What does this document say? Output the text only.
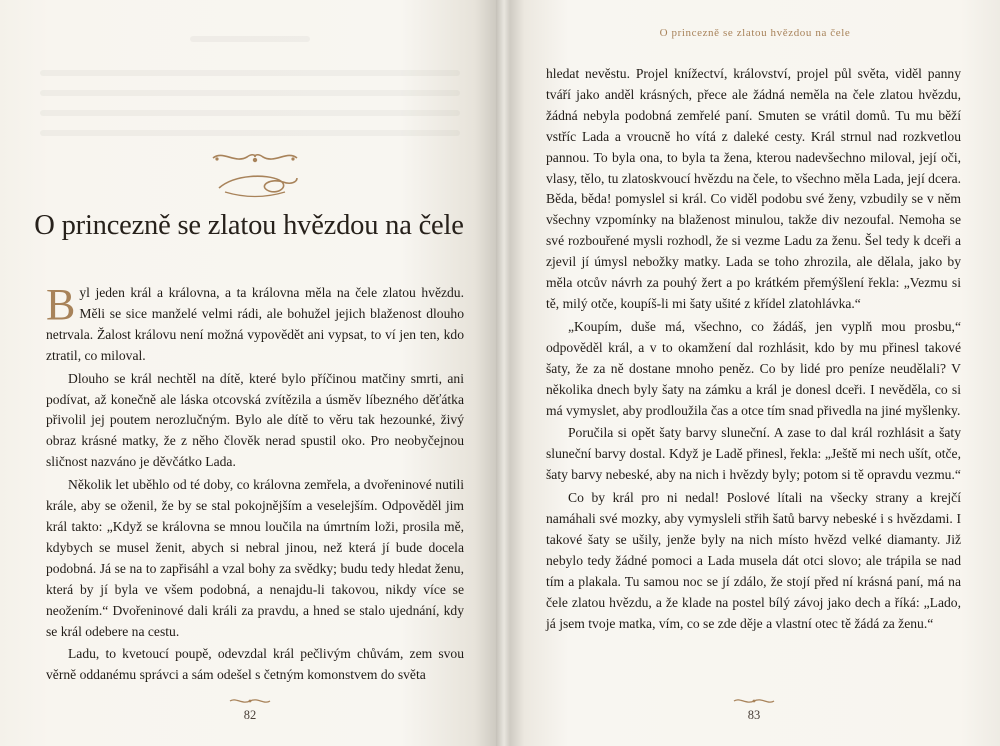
O princezně se zlatou hvězdou na čele

Byl jeden král a královna, a ta královna měla na čele zlatou hvězdu. Měli se sice manželé velmi rádi, ale bohužel jejich blaženost dlouho netrvala. Žalost královu není možná vypovědět ani vypsat, to ví jen ten, kdo ztratil, co miloval.

Dlouho se král nechtěl na dítě, které bylo příčinou matčiny smrti, ani podívat, až konečně ale láska otcovská zvítězila a úsměv líbezného děťátka přivolil jej poutem nerozlučným. Bylo ale dítě to věru tak hezounké, živý obraz krásné matky, že z něho člověk nerad spustil oko. Pro neobyčejnou sličnost nazváno je děvčátko Lada.

Několik let uběhlo od té doby, co královna zemřela, a dvořeninové nutili krále, aby se oženil, že by se stal pokojnějším a veselejším. Odpověděl jim král takto: „Když se královna se mnou loučila na úmrtním loži, prosila mě, kdybych se musel ženit, abych si nebral jinou, než která jí bude docela podobná. Já se na to zapřisáhl a vzal bohy za svědky; budu tedy hledat ženu, která by jí byla ve všem podobná, a nenajdu-li takovou, nikdy více se neožením.“ Dvořeninové dali králi za pravdu, a hned se stalo ujednání, kdy se král odebere na cestu.

Ladu, to kvetoucí poupě, odevzdal král pečlivým chůvám, zem svou věrně oddanému správci a sám odešel s četným komonstvem do světa

82
O princezně se zlatou hvězdou na čele

hledat nevěstu. Projel knížectví, království, projel půl světa, viděl panny tváří jako anděl krásných, přece ale žádná neměla na čele zlatou hvězdu, žádná nebyla podobná zemřelé paní. Smuten se vrátil domů. Tu mu běží vstříc Lada a vroucně ho vítá z daleké cesty. Král strnul nad rozkvetlou pannou. To byla ona, to byla ta žena, kterou nadevšechno miloval, její oči, vlasy, tělo, tu zlatoskvoucí hvězdu na čele, to všechno měla Lada, její dcera. Běda, běda! pomyslel si král. Co viděl podobu své ženy, vzbudily se v něm všechny vzpomínky na blaženost minulou, takže div nezoufal. Nemoha se své rozbouřené mysli rozhodl, že si vezme Ladu za ženu. Šel tedy k dceři a zjevil jí úmysl nebožky matky. Lada se toho zhrozila, ale dělala, jako by měla otcův návrh za pouhý žert a po krátkém přemýšlení řekla: „Vezmu si tě, milý otče, koupíš-li mi šaty ušité z křídel zlatohlávka.“

„Koupím, duše má, všechno, co žádáš, jen vyplň mou prosbu,“ odpověděl král, a v to okamžení dal rozhlásit, kdo by mu přinesl takové šaty, že za ně dostane mnoho peněz. Co by lidé pro peníze neudělali? V několika dnech byly šaty na zámku a král je donesl dceři. I nevěděla, co si má vymyslet, aby prodloužila čas a otce tím snad přivedla na jiné myšlenky.

Poručila si opět šaty barvy sluneční. A zase to dal král rozhlásit a šaty sluneční barvy dostal. Když je Ladě přinesl, řekla: „Ještě mi nech ušít, otče, šaty barvy nebeské, aby na nich i hvězdy byly; potom si tě opravdu vezmu.“

Co by král pro ni nedal! Poslové lítali na všecky strany a krejčí namáhali své mozky, aby vymysleli střih šatů barvy nebeské i s hvězdami. I takové šaty se ušily, jenže byly na nich místo hvězd velké diamanty. Již nebylo tedy žádné pomoci a Lada musela dát otci slovo; ale trápila se nad tím a plakala. Tu samou noc se jí zdálo, že stojí před ní krásná paní, má na čele zlatou hvězdu, a že klade na postel bílý závoj jako dech a říká: „Lado, já jsem tvoje matka, vím, co se zde děje a vlastní otec tě žádá za ženu.“

83
